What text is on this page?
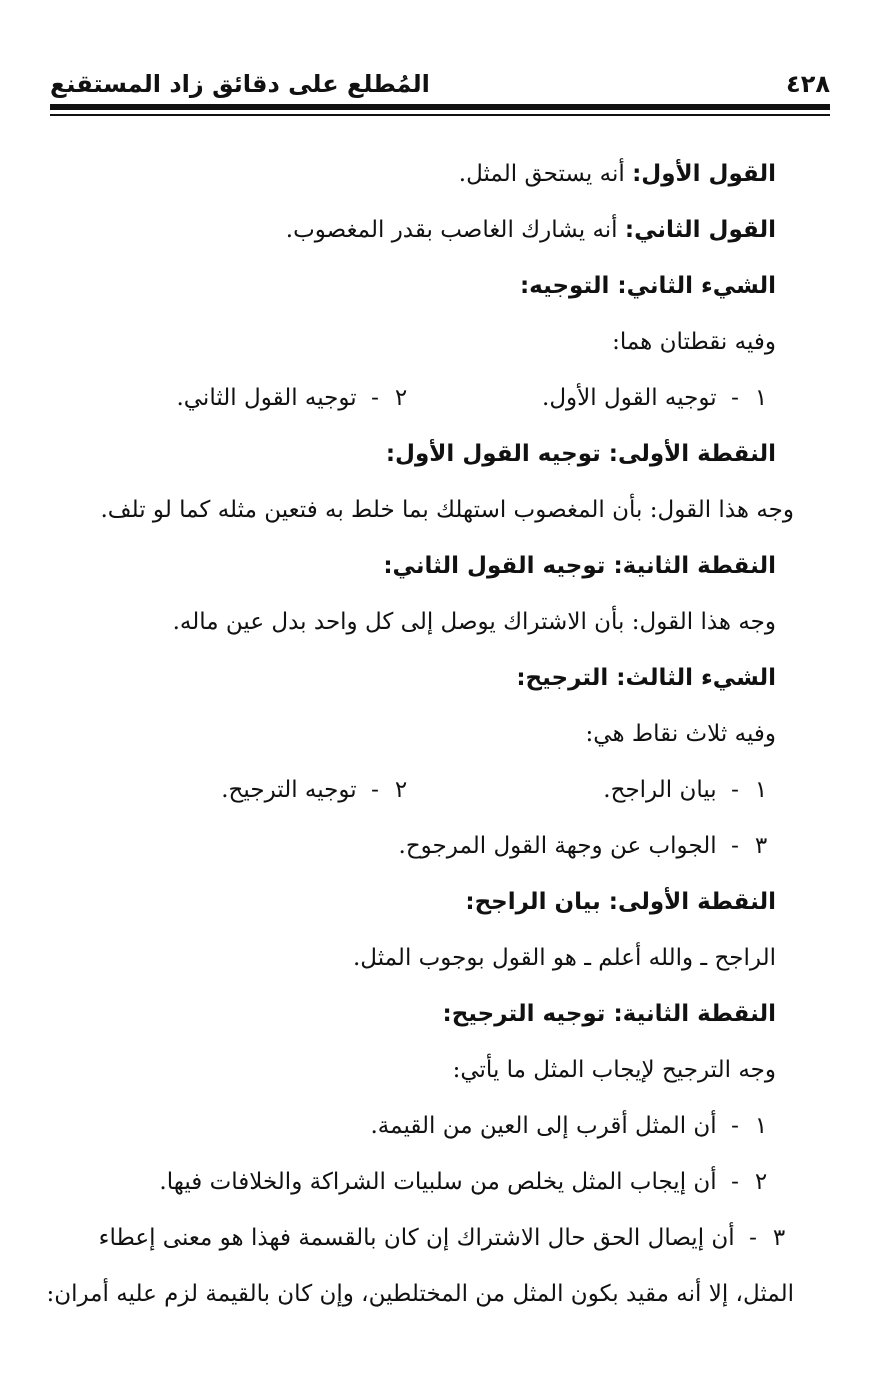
٤٢٨
المُطلع على دقائق زاد المستقنع
القول الأول: أنه يستحق المثل.
القول الثاني: أنه يشارك الغاصب بقدر المغصوب.
الشيء الثاني: التوجيه:
وفيه نقطتان هما:
١- توجيه القول الأول.
٢- توجيه القول الثاني.
النقطة الأولى: توجيه القول الأول:
وجه هذا القول: بأن المغصوب استهلك بما خلط به فتعين مثله كما لو تلف.
النقطة الثانية: توجيه القول الثاني:
وجه هذا القول: بأن الاشتراك يوصل إلى كل واحد بدل عين ماله.
الشيء الثالث: الترجيح:
وفيه ثلاث نقاط هي:
١- بيان الراجح.
٢- توجيه الترجيح.
٣- الجواب عن وجهة القول المرجوح.
النقطة الأولى: بيان الراجح:
الراجح ـ والله أعلم ـ هو القول بوجوب المثل.
النقطة الثانية: توجيه الترجيح:
وجه الترجيح لإيجاب المثل ما يأتي:
١- أن المثل أقرب إلى العين من القيمة.
٢- أن إيجاب المثل يخلص من سلبيات الشراكة والخلافات فيها.
٣- أن إيصال الحق حال الاشتراك إن كان بالقسمة فهذا هو معنى إعطاء
المثل، إلا أنه مقيد بكون المثل من المختلطين، وإن كان بالقيمة لزم عليه أمران:
